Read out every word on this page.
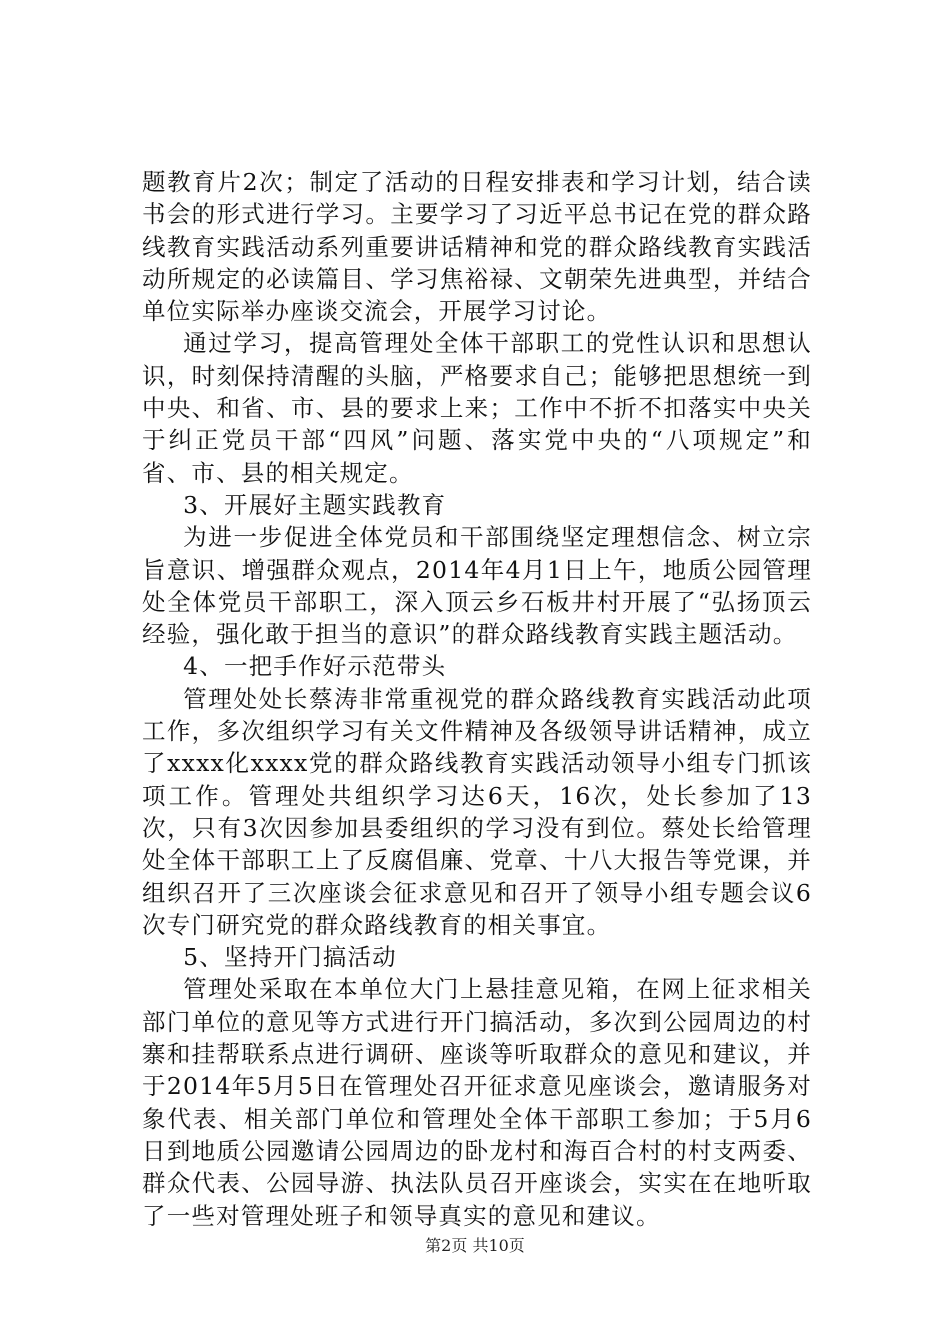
题教育片2次；制定了活动的日程安排表和学习计划，结合读书会的形式进行学习。主要学习了习近平总书记在党的群众路线教育实践活动系列重要讲话精神和党的群众路线教育实践活动所规定的必读篇目、学习焦裕禄、文朝荣先进典型，并结合单位实际举办座谈交流会，开展学习讨论。

通过学习，提高管理处全体干部职工的党性认识和思想认识，时刻保持清醒的头脑，严格要求自己；能够把思想统一到中央、和省、市、县的要求上来；工作中不折不扣落实中央关于纠正党员干部“四风”问题、落实党中央的“八项规定”和省、市、县的相关规定。

3、开展好主题实践教育

为进一步促进全体党员和干部围绕坚定理想信念、树立宗旨意识、增强群众观点，2014年4月1日上午，地质公园管理处全体党员干部职工，深入顶云乡石板井村开展了“弘扬顶云经验，强化敢于担当的意识”的群众路线教育实践主题活动。

4、一把手作好示范带头

管理处处长蔡涛非常重视党的群众路线教育实践活动此项工作，多次组织学习有关文件精神及各级领导讲话精神，成立了xxxx化xxxx党的群众路线教育实践活动领导小组专门抓该项工作。管理处共组织学习达6天，16次，处长参加了13次，只有3次因参加县委组织的学习没有到位。蔡处长给管理处全体干部职工上了反腐倡廉、党章、十八大报告等党课，并组织召开了三次座谈会征求意见和召开了领导小组专题会议6次专门研究党的群众路线教育的相关事宜。

5、坚持开门搞活动

管理处采取在本单位大门上悬挂意见箱，在网上征求相关部门单位的意见等方式进行开门搞活动，多次到公园周边的村寨和挂帮联系点进行调研、座谈等听取群众的意见和建议，并于2014年5月5日在管理处召开征求意见座谈会，邀请服务对象代表、相关部门单位和管理处全体干部职工参加；于5月6日到地质公园邀请公园周边的卧龙村和海百合村的村支两委、群众代表、公园导游、执法队员召开座谈会，实实在在地听取了一些对管理处班子和领导真实的意见和建议。

第2页 共10页
